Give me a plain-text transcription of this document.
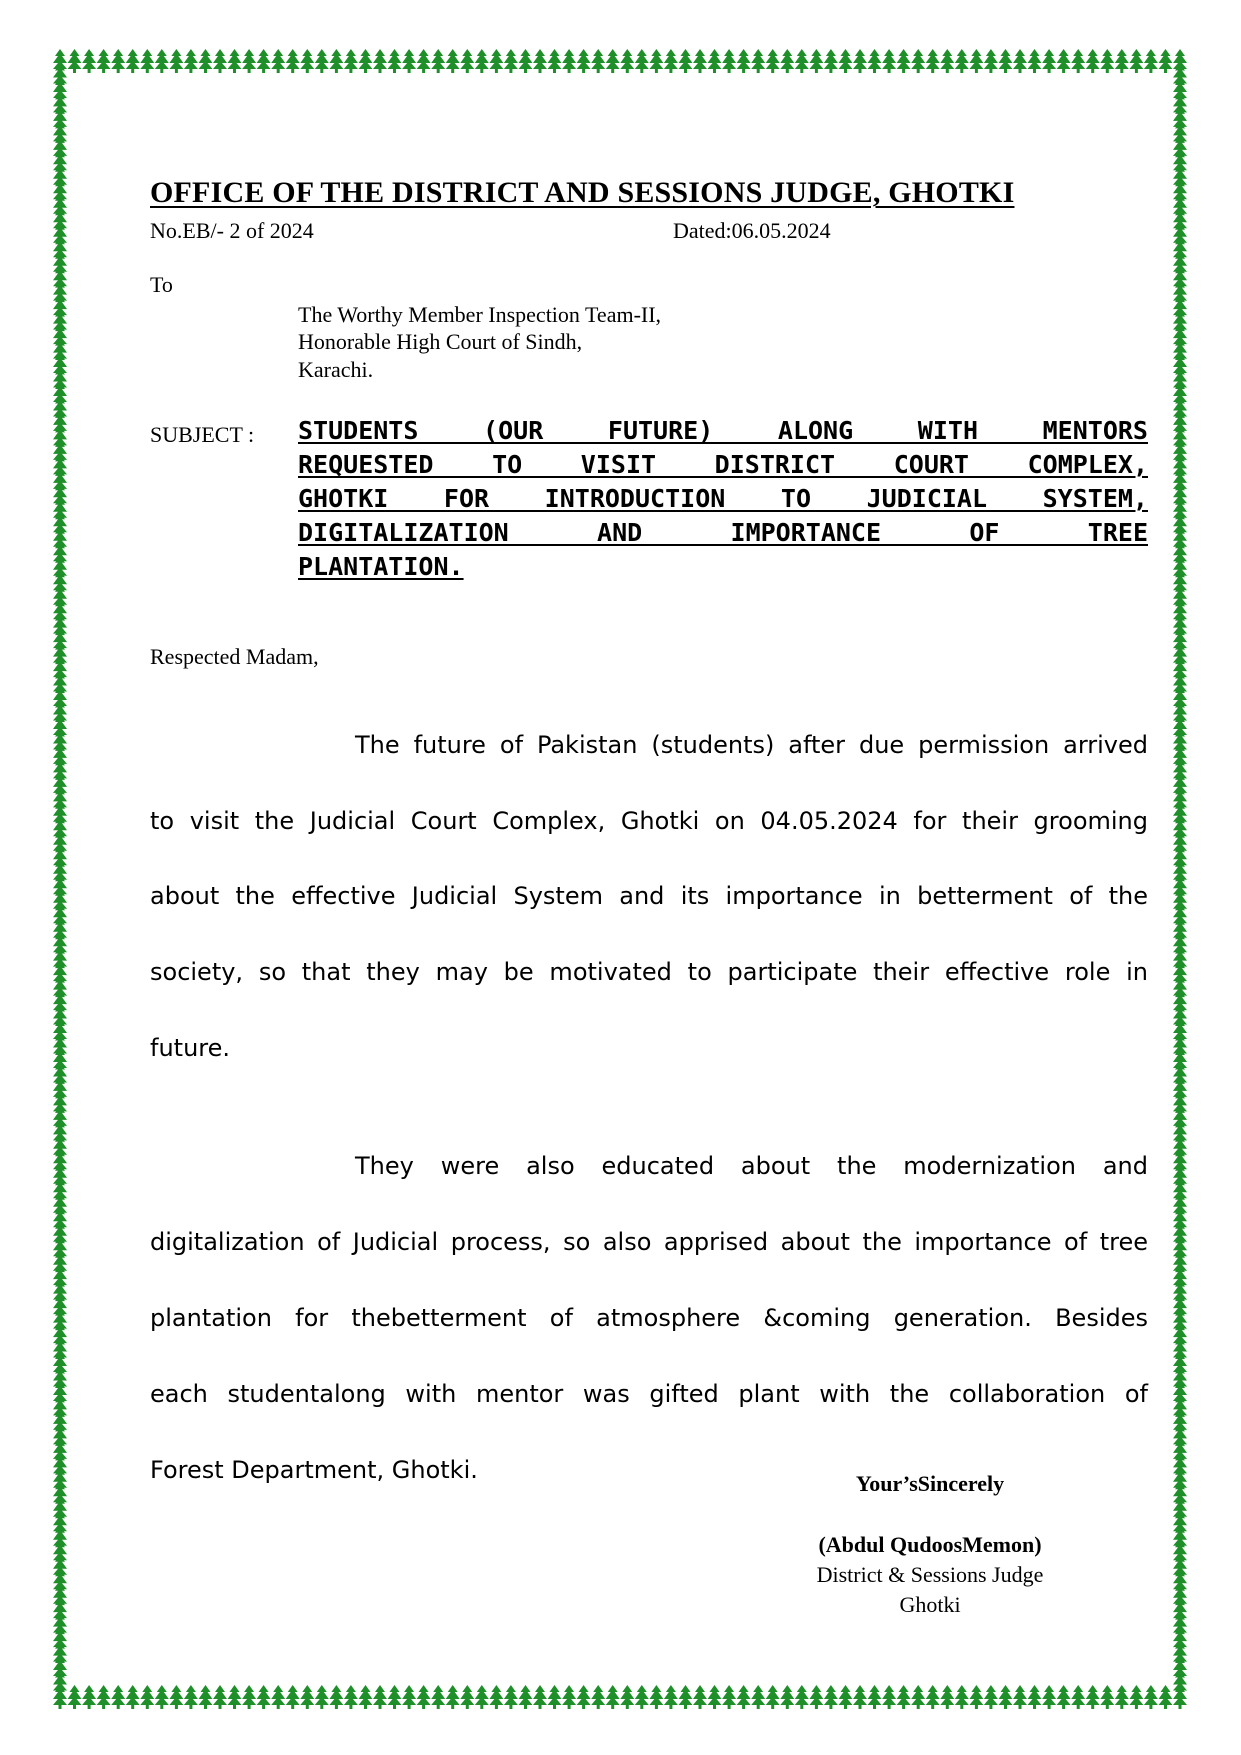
OFFICE OF THE DISTRICT AND SESSIONS JUDGE, GHOTKI
No.EB/- 2 of 2024	Dated:06.05.2024
To
The Worthy Member Inspection Team-II,
Honorable High Court of Sindh,
Karachi.
SUBJECT : STUDENTS (OUR FUTURE) ALONG WITH MENTORS
REQUESTED TO VISIT DISTRICT COURT COMPLEX,
GHOTKI FOR INTRODUCTION TO JUDICIAL SYSTEM,
DIGITALIZATION AND IMPORTANCE OF TREE
PLANTATION.
Respected Madam,
The future of Pakistan (students) after due permission arrived
to visit the Judicial Court Complex, Ghotki on 04.05.2024 for their grooming
about the effective Judicial System and its importance in betterment of the
society, so that they may be motivated to participate their effective role in
future.
They were also educated about the modernization and
digitalization of Judicial process, so also apprised about the importance of tree
plantation for thebetterment of atmosphere &coming generation. Besides
each studentalong with mentor was gifted plant with the collaboration of
Forest Department, Ghotki.	Your’sSincerely
(Abdul QudoosMemon)
District & Sessions Judge
Ghotki
